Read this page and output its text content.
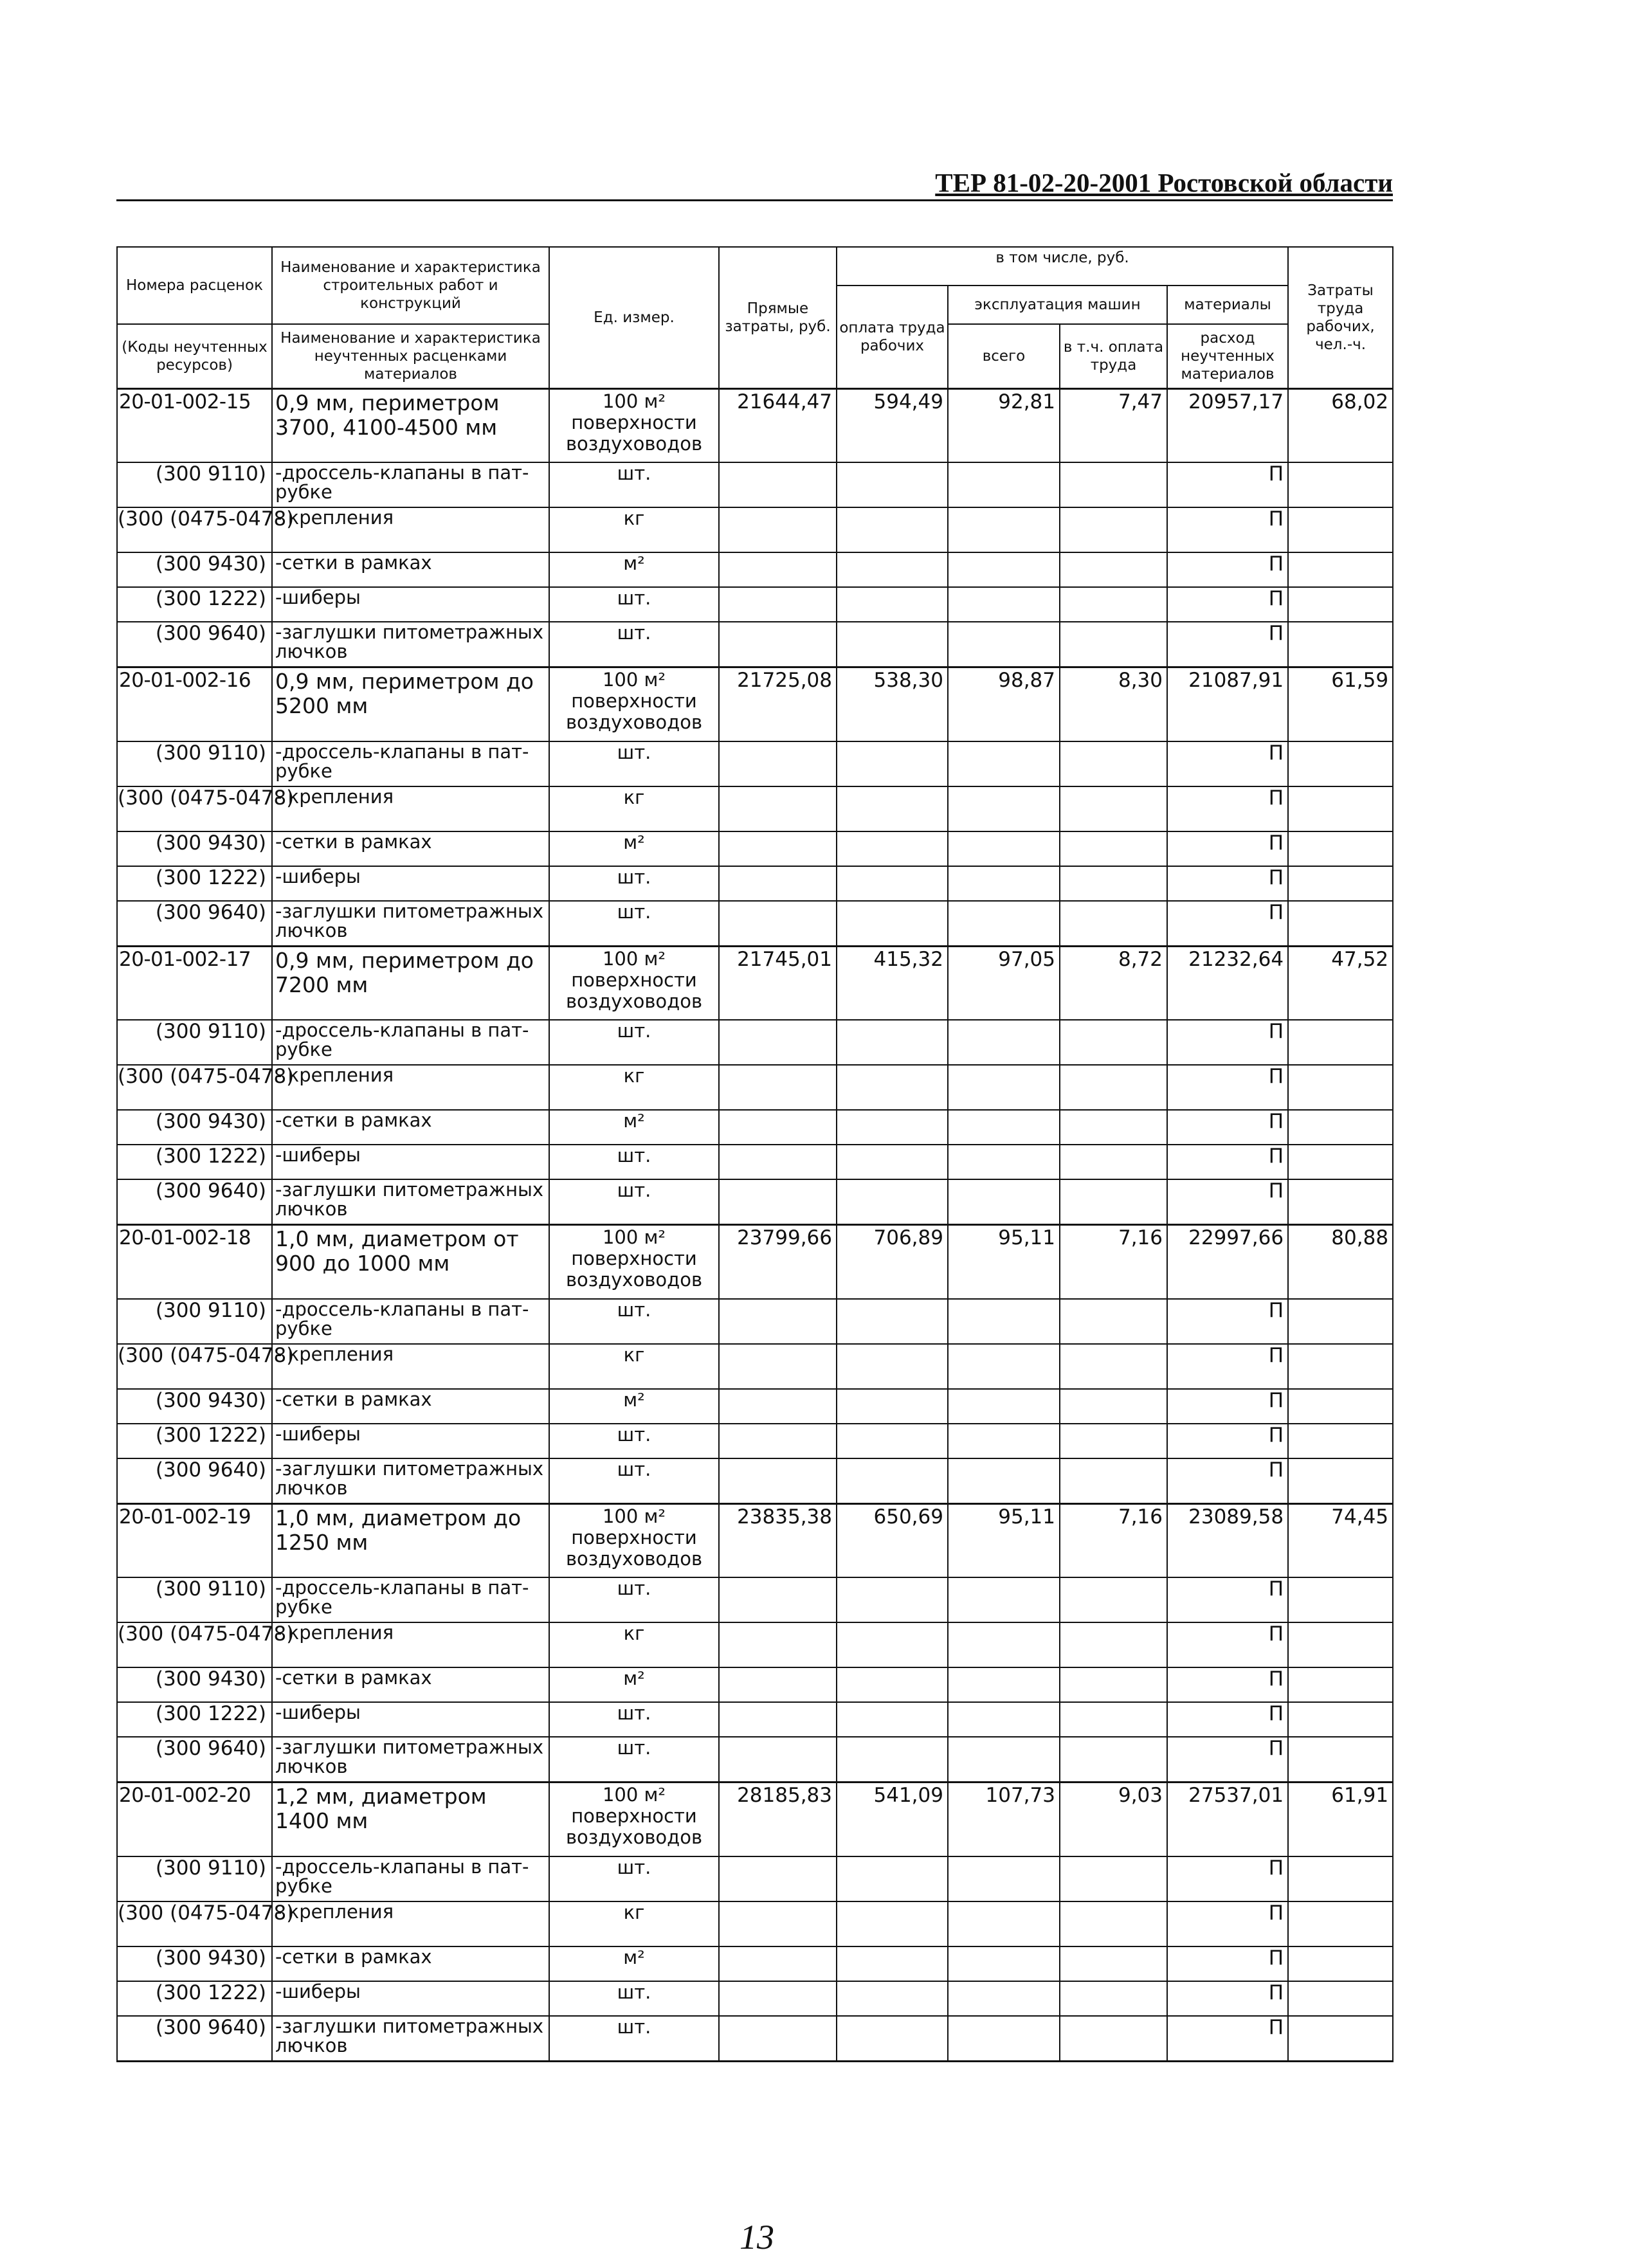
ТЕР 81-02-20-2001 Ростовской области
Номера расценок	Наименование и характеристика строительных работ и конструкций	Ед. измер.	Прямые затраты, руб.	в том числе, руб.				Затраты труда рабочих, чел.-ч.
				оплата труда рабочих	эксплуатация машин		материалы	
(Коды неучтенных ресурсов)	Наименование и характеристика неучтенных расценками материалов				всего	в т.ч. оплата труда	расход неучтенных материалов	

20-01-002-15	0,9 мм, периметром 3700, 4100-4500 мм	100 м² поверхности воздуховодов	21644,47	594,49	92,81	7,47	20957,17	68,02
(300 9110)	-дроссель-клапаны в пат-рубке	шт.					П	
(300 (0475-0478)	- крепления	кг					П	
(300 9430)	-сетки в рамках	м²					П	
(300 1222)	-шиберы	шт.					П	
(300 9640)	-заглушки питометражных лючков	шт.					П	
20-01-002-16	0,9 мм, периметром до 5200 мм	100 м² поверхности воздуховодов	21725,08	538,30	98,87	8,30	21087,91	61,59
(300 9110)	-дроссель-клапаны в пат-рубке	шт.					П	
(300 (0475-0478)	- крепления	кг					П	
(300 9430)	-сетки в рамках	м²					П	
(300 1222)	-шиберы	шт.					П	
(300 9640)	-заглушки питометражных лючков	шт.					П	
20-01-002-17	0,9 мм, периметром до 7200 мм	100 м² поверхности воздуховодов	21745,01	415,32	97,05	8,72	21232,64	47,52
(300 9110)	-дроссель-клапаны в пат-рубке	шт.					П	
(300 (0475-0478)	- крепления	кг					П	
(300 9430)	-сетки в рамках	м²					П	
(300 1222)	-шиберы	шт.					П	
(300 9640)	-заглушки питометражных лючков	шт.					П	
20-01-002-18	1,0 мм, диаметром от 900 до 1000 мм	100 м² поверхности воздуховодов	23799,66	706,89	95,11	7,16	22997,66	80,88
(300 9110)	-дроссель-клапаны в пат-рубке	шт.					П	
(300 (0475-0478)	- крепления	кг					П	
(300 9430)	-сетки в рамках	м²					П	
(300 1222)	-шиберы	шт.					П	
(300 9640)	-заглушки питометражных лючков	шт.					П	
20-01-002-19	1,0 мм, диаметром до 1250 мм	100 м² поверхности воздуховодов	23835,38	650,69	95,11	7,16	23089,58	74,45
(300 9110)	-дроссель-клапаны в пат-рубке	шт.					П	
(300 (0475-0478)	- крепления	кг					П	
(300 9430)	-сетки в рамках	м²					П	
(300 1222)	-шиберы	шт.					П	
(300 9640)	-заглушки питометражных лючков	шт.					П	
20-01-002-20	1,2 мм, диаметром 1400 мм	100 м² поверхности воздуховодов	28185,83	541,09	107,73	9,03	27537,01	61,91
(300 9110)	-дроссель-клапаны в пат-рубке	шт.					П	
(300 (0475-0478)	- крепления	кг					П	
(300 9430)	-сетки в рамках	м²					П	
(300 1222)	-шиберы	шт.					П	
(300 9640)	-заглушки питометражных лючков	шт.					П	
13
